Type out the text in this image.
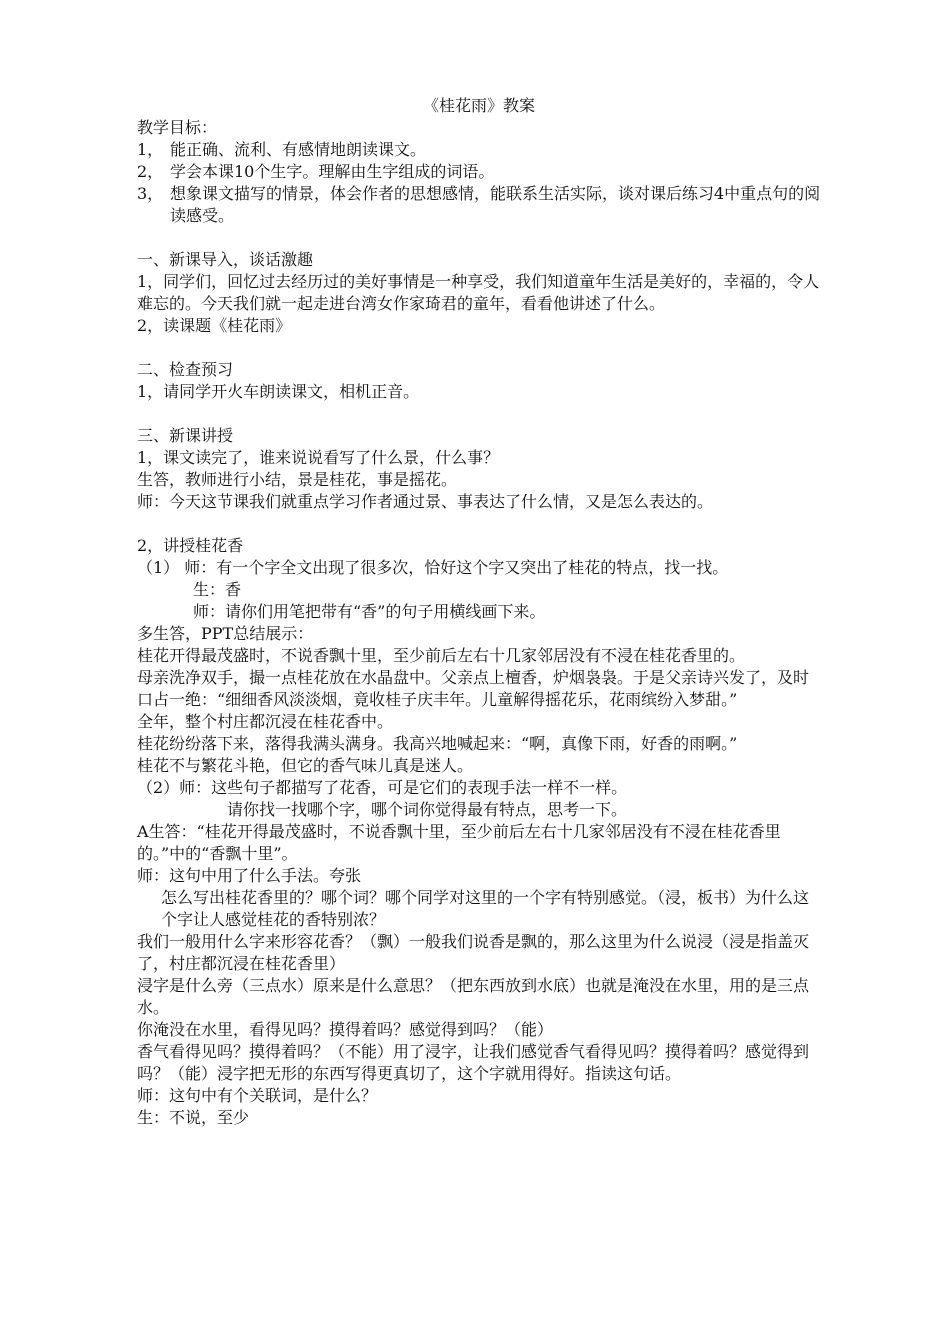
《桂花雨》教案
教学目标：
1， 能正确、流利、有感情地朗读课文。
2， 学会本课10个生字。理解由生字组成的词语。
3， 想象课文描写的情景，体会作者的思想感情，能联系生活实际，谈对课后练习4中重点句的阅读感受。
一、新课导入，谈话激趣
1，同学们，回忆过去经历过的美好事情是一种享受，我们知道童年生活是美好的，幸福的，令人难忘的。今天我们就一起走进台湾女作家琦君的童年，看看他讲述了什么。
2，读课题《桂花雨》
二、检查预习
1，请同学开火车朗读课文，相机正音。
三、新课讲授
1，课文读完了，谁来说说看写了什么景，什么事？
生答，教师进行小结，景是桂花，事是摇花。
师：今天这节课我们就重点学习作者通过景、事表达了什么情，又是怎么表达的。
2，讲授桂花香
（1） 师：有一个字全文出现了很多次，恰好这个字又突出了桂花的特点，找一找。
生：香
师：请你们用笔把带有“香”的句子用横线画下来。
多生答，PPT总结展示：
桂花开得最茂盛时，不说香飘十里，至少前后左右十几家邻居没有不浸在桂花香里的。
母亲洗净双手，撮一点桂花放在水晶盘中。父亲点上檀香，炉烟袅袅。于是父亲诗兴发了，及时口占一绝：“细细香风淡淡烟，竟收桂子庆丰年。儿童解得摇花乐，花雨缤纷入梦甜。”
全年，整个村庄都沉浸在桂花香中。
桂花纷纷落下来，落得我满头满身。我高兴地喊起来：“啊，真像下雨，好香的雨啊。”
桂花不与繁花斗艳，但它的香气味儿真是迷人。
（2）师：这些句子都描写了花香，可是它们的表现手法一样不一样。
请你找一找哪个字，哪个词你觉得最有特点，思考一下。
A生答：“桂花开得最茂盛时，不说香飘十里，至少前后左右十几家邻居没有不浸在桂花香里的。”中的“香飘十里”。
师：这句中用了什么手法。夸张
怎么写出桂花香里的？哪个词？哪个同学对这里的一个字有特别感觉。（浸，板书）为什么这个字让人感觉桂花的香特别浓？
我们一般用什么字来形容花香？（飘）一般我们说香是飘的，那么这里为什么说浸（浸是指盖灭了，村庄都沉浸在桂花香里）
浸字是什么旁（三点水）原来是什么意思？（把东西放到水底）也就是淹没在水里，用的是三点水。
你淹没在水里，看得见吗？摸得着吗？感觉得到吗？（能）
香气看得见吗？摸得着吗？（不能）用了浸字，让我们感觉香气看得见吗？摸得着吗？感觉得到吗？（能）浸字把无形的东西写得更真切了，这个字就用得好。指读这句话。
师：这句中有个关联词，是什么？
生：不说，至少
